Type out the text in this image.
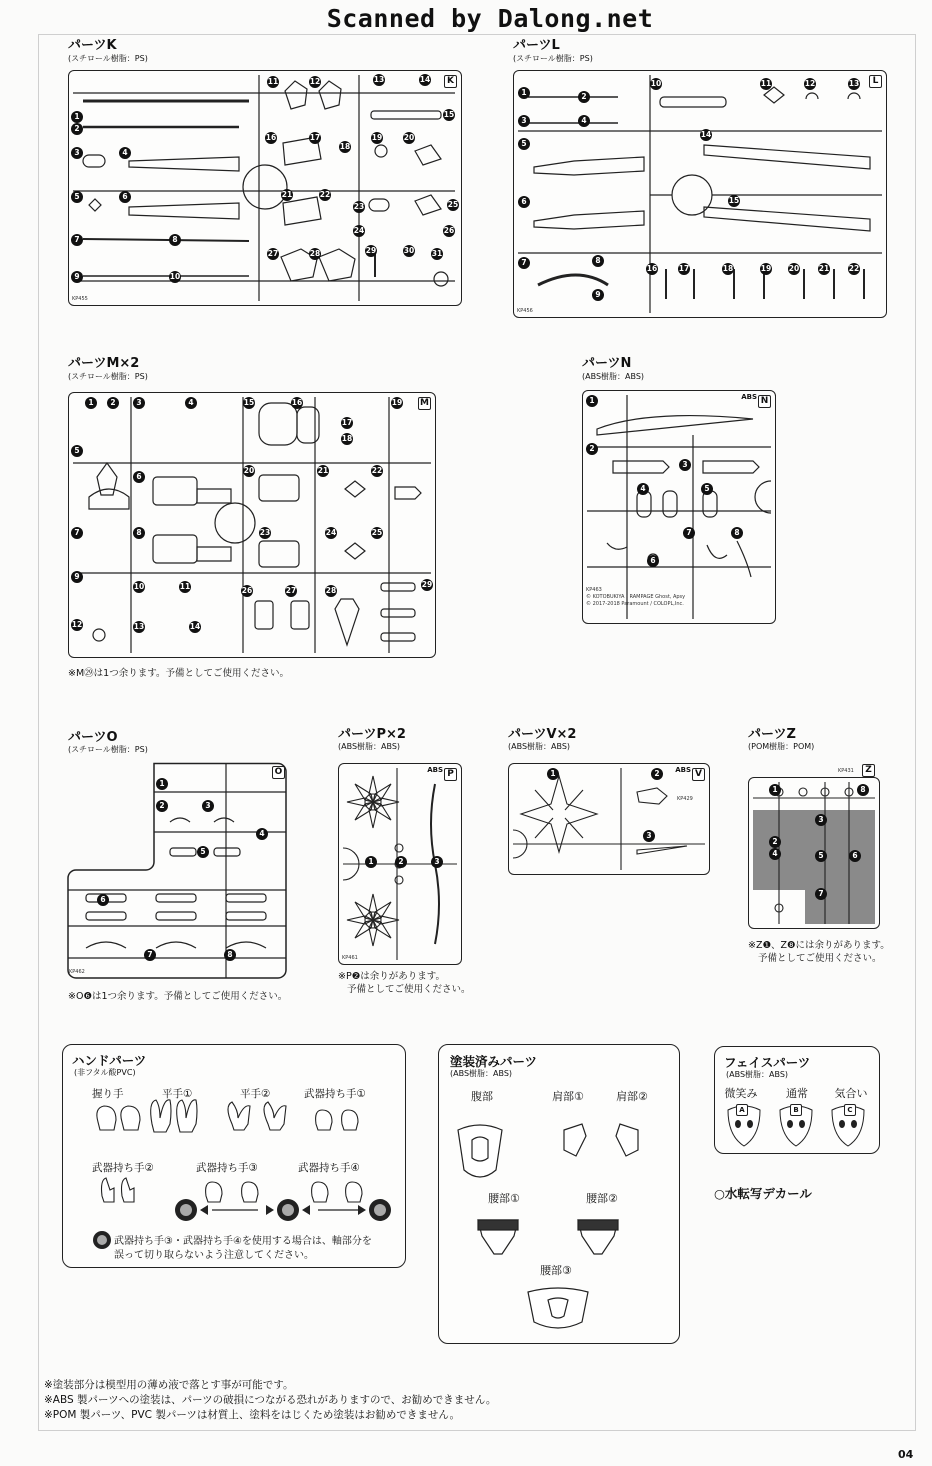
Scanned by Dalong.net
パーツK
(スチロール樹脂：PS)
K
KP455
1
2
3	4
5	6
7	8
9	10
11	12	13	14
15
16	17
18
19	20
21	22
23
24
25
26
27	28	29	30 31
パーツL
(スチロール樹脂：PS)
L
KP456
1	2
3	4
5
6
7	8
9
10	11	12	13
14
15
16	17	18	19 20	21	22
パーツM×2
(スチロール樹脂：PS)
M
1	2	3	4
5
6
7	8
9
10	11
12	13	14
15	16
17
18
19
20	21	22
23	24	25
26	27	28
29
※M㉙は1つ余ります。予備としてご使用ください。
パーツN
(ABS樹脂：ABS)
ABS N
KP463
© KOTOBUKIYA・RAMPAGE Ghost, Apsy
© 2017-2018 Paramount / COLOPL,Inc.
1
2
3
4	5
6
7	8
パーツO
(スチロール樹脂：PS)
O
KP462
1
2	3
4
5
6
7	8
※O❻は1つ余ります。予備としてご使用ください。
パーツP×2
(ABS樹脂：ABS)
ABS P
KP461
1	2	3
※P❷は余りがあります。
予備としてご使用ください。
パーツV×2
(ABS樹脂：ABS)
ABS V
KP429
1	2
3
パーツZ
(POM樹脂：POM)
Z
1
2
3
4	5	6
7
8
KP431
※Z❶、Z❽には余りがあります。
予備としてご使用ください。
ハンドパーツ
(非フタル酸PVC)
握り手	平手①	平手②	武器持ち手①
武器持ち手②	武器持ち手③	武器持ち手④
武器持ち手③・武器持ち手④を使用する場合は、軸部分を
誤って切り取らないよう注意してください。
塗装済みパーツ
(ABS樹脂：ABS)
腹部	肩部①	肩部②
腰部①	腰部②
腰部③
フェイスパーツ
(ABS樹脂：ABS)
微笑み	通常	気合い
A	B	C
○水転写デカール
※塗装部分は模型用の薄め液で落とす事が可能です。
※ABS 製パーツへの塗装は、パーツの破損につながる恐れがありますので、お勧めできません。
※POM 製パーツ、PVC 製パーツは材質上、塗料をはじくため塗装はお勧めできません。
04
